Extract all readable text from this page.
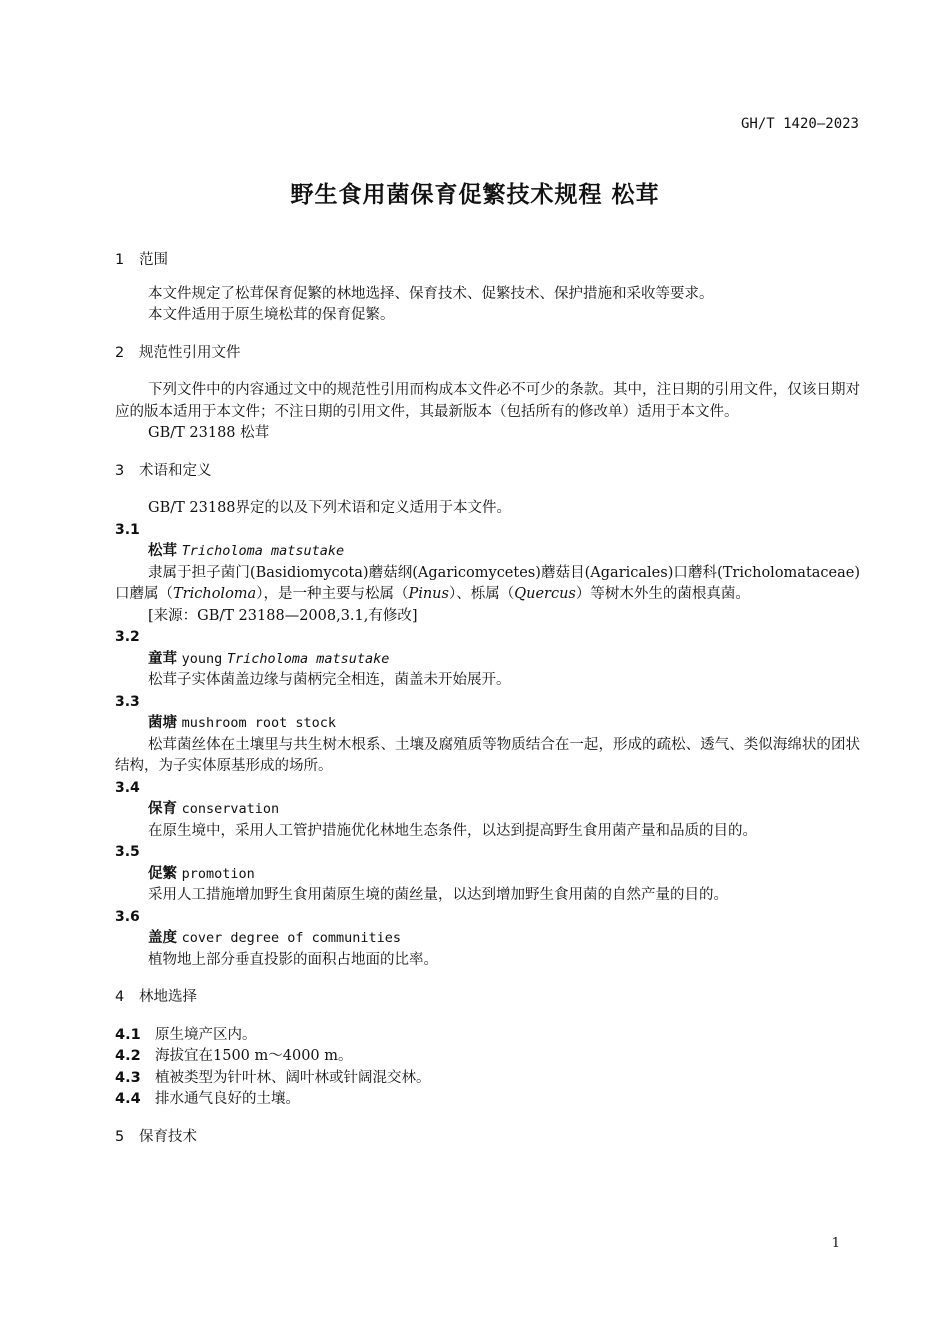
GH/T 1420—2023
野生食用菌保育促繁技术规程 松茸
1 范围
本文件规定了松茸保育促繁的林地选择、保育技术、促繁技术、保护措施和采收等要求。
本文件适用于原生境松茸的保育促繁。
2 规范性引用文件
下列文件中的内容通过文中的规范性引用而构成本文件必不可少的条款。其中，注日期的引用文件，仅该日期对应的版本适用于本文件；不注日期的引用文件，其最新版本（包括所有的修改单）适用于本文件。
GB/T 23188 松茸
3 术语和定义
GB/T 23188界定的以及下列术语和定义适用于本文件。
3.1
松茸 Tricholoma matsutake
隶属于担子菌门(Basidiomycota)蘑菇纲(Agaricomycetes)蘑菇目(Agaricales)口蘑科(Tricholomataceae)口蘑属（Tricholoma），是一种主要与松属（Pinus）、栎属（Quercus）等树木外生的菌根真菌。
[来源：GB/T 23188—2008,3.1,有修改]
3.2
童茸 young Tricholoma matsutake
松茸子实体菌盖边缘与菌柄完全相连，菌盖未开始展开。
3.3
菌塘 mushroom root stock
松茸菌丝体在土壤里与共生树木根系、土壤及腐殖质等物质结合在一起，形成的疏松、透气、类似海绵状的团状结构，为子实体原基形成的场所。
3.4
保育 conservation
在原生境中，采用人工管护措施优化林地生态条件，以达到提高野生食用菌产量和品质的目的。
3.5
促繁 promotion
采用人工措施增加野生食用菌原生境的菌丝量，以达到增加野生食用菌的自然产量的目的。
3.6
盖度 cover degree of communities
植物地上部分垂直投影的面积占地面的比率。
4 林地选择
4.1 原生境产区内。
4.2 海拔宜在1500 m～4000 m。
4.3 植被类型为针叶林、阔叶林或针阔混交林。
4.4 排水通气良好的土壤。
5 保育技术
1
